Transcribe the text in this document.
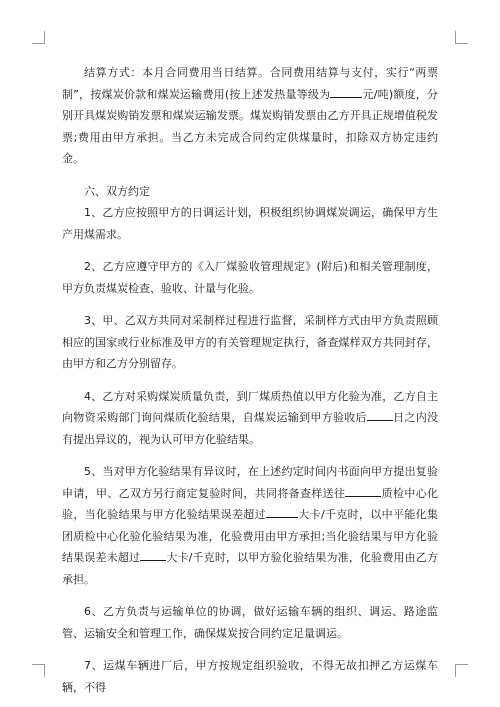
结算方式：本月合同费用当日结算。合同费用结算与支付，实行“两票制”，按煤炭价款和煤炭运输费用(按上述发热量等级为	元/吨)额度，分别开具煤炭购销发票和煤炭运输发票。煤炭购销发票由乙方开具正规增值税发票;费用由甲方承担。当乙方未完成合同约定供煤量时，扣除双方协定违约金。

六、双方约定

1、乙方应按照甲方的日调运计划，积极组织协调煤炭调运，确保甲方生产用煤需求。

2、乙方应遵守甲方的《入厂煤验收管理规定》(附后)和相关管理制度，甲方负责煤炭检查、验收、计量与化验。

3、甲、乙双方共同对采制样过程进行监督，采制样方式由甲方负责照顾相应的国家或行业标准及甲方的有关管理规定执行，备查煤样双方共同封存，由甲方和乙方分别留存。

4、乙方对采购煤炭质量负责，到厂煤质热值以甲方化验为准，乙方自主向物资采购部门询问煤质化验结果，自煤炭运输到甲方验收后 日之内没有提出异议的，视为认可甲方化验结果。

5、当对甲方化验结果有异议时，在上述约定时间内书面向甲方提出复验申请，甲、乙双方另行商定复验时间，共同将备查样送往	质检中心化验，当化验结果与甲方化验结果误差超过	大卡/千克时，以中平能化集团质检中心化验化验结果为准，化验费用由甲方承担;当化验结果与甲方化验结果误差未超过 大卡/千克时，以甲方验化验结果为准，化验费用由乙方承担。

6、乙方负责与运输单位的协调，做好运输车辆的组织、调运、路途监管、运输安全和管理工作，确保煤炭按合同约定足量调运。

7、运煤车辆进厂后，甲方按规定组织验收，不得无故扣押乙方运煤车辆，不得
